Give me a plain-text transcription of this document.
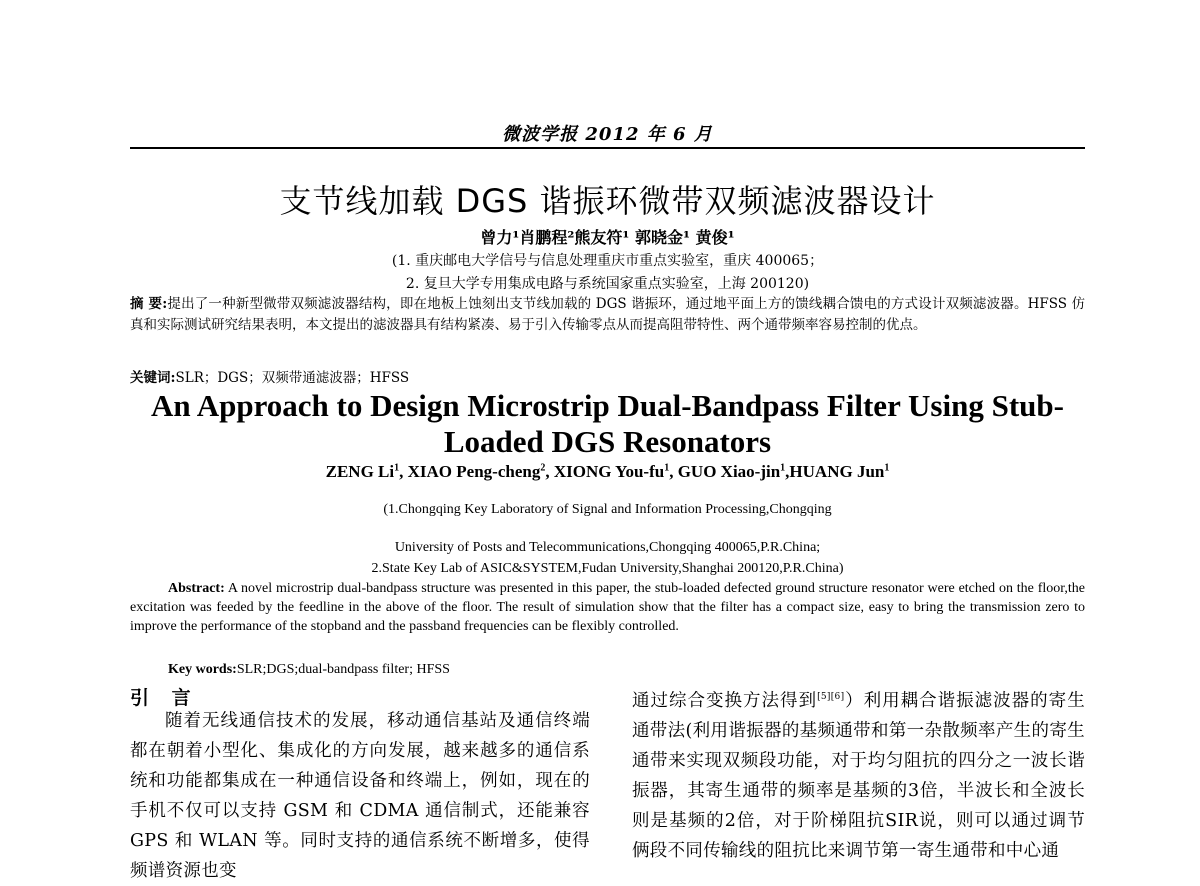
微波学报 2012 年 6 月
支节线加载 DGS 谐振环微带双频滤波器设计
曾力¹肖鹏程²熊友符¹ 郭晓金¹ 黄俊¹
(1. 重庆邮电大学信号与信息处理重庆市重点实验室，重庆 400065；
2. 复旦大学专用集成电路与系统国家重点实验室，上海 200120)
摘 要:提出了一种新型微带双频滤波器结构，即在地板上蚀刻出支节线加载的 DGS 谐振环，通过地平面上方的馈线耦合馈电的方式设计双频滤波器。HFSS 仿真和实际测试研究结果表明，本文提出的滤波器具有结构紧凑、易于引入传输零点从而提高阻带特性、两个通带频率容易控制的优点。
关键词:SLR；DGS；双频带通滤波器；HFSS
An Approach to Design Microstrip Dual-Bandpass Filter Using Stub-Loaded DGS Resonators
ZENG Li$^1$, XIAO Peng-cheng$^2$, XIONG You-$fu^1$, GUO Xiao-jin$^1$,HUANG Jun$^1$
(1.Chongqing Key Laboratory of Signal and Information Processing,Chongqing
University of Posts and Telecommunications,Chongqing 400065,P.R.China;
2.State Key Lab of ASIC&SYSTEM,Fudan University,Shanghai 200120,P.R.China)
Abstract: A novel microstrip dual-bandpass structure was presented in this paper, the stub-loaded defected ground structure resonator were etched on the floor,the excitation was feeded by the feedline in the above of the floor. The result of simulation show that the filter has a compact size, easy to bring the transmission zero to improve the performance of the stopband and the passband frequencies can be flexibly controlled.
Key words:SLR;DGS;dual-bandpass filter; HFSS
引 言
随着无线通信技术的发展，移动通信基站及通信终端都在朝着小型化、集成化的方向发展，越来越多的通信系统和功能都集成在一种通信设备和终端上，例如，现在的手机不仅可以支持 GSM 和 CDMA 通信制式，还能兼容 GPS 和 WLAN 等。同时支持的通信系统不断增多，使得频谱资源也变
通过综合变换方法得到[5][6]）利用耦合谐振滤波器的寄生通带法(利用谐振器的基频通带和第一杂散频率产生的寄生通带来实现双频段功能，对于均匀阻抗的四分之一波长谐振器，其寄生通带的频率是基频的3倍，半波长和全波长则是基频的2倍，对于阶梯阻抗SIR说，则可以通过调节俩段不同传输线的阻抗比来调节第一寄生通带和中心通
